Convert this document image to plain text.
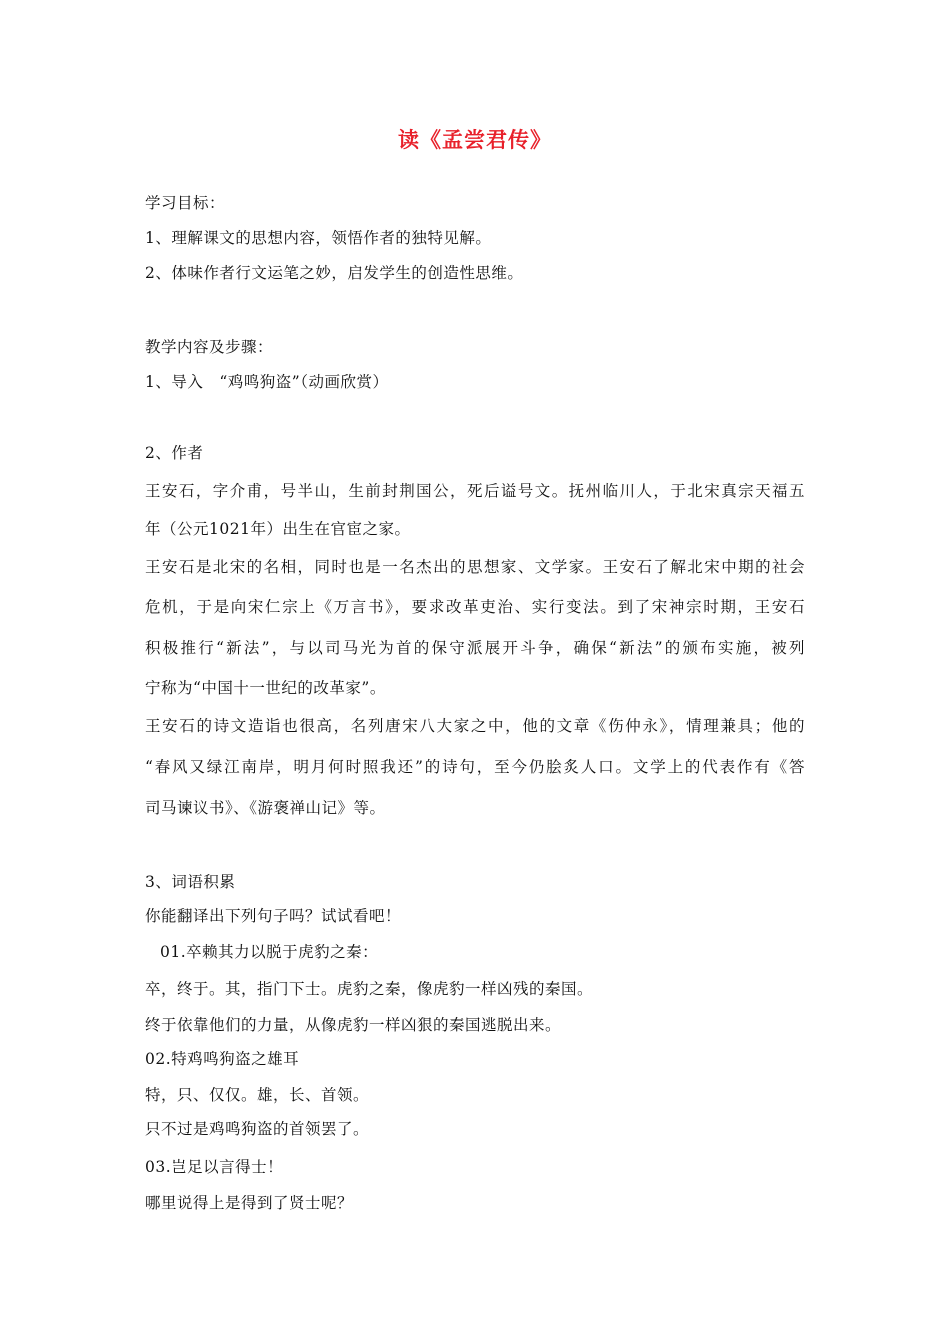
读《孟尝君传》
学习目标：
1、理解课文的思想内容，领悟作者的独特见解。
2、体味作者行文运笔之妙，启发学生的创造性思维。
教学内容及步骤：
1、导入　“鸡鸣狗盗”（动画欣赏）
2、作者
王安石，字介甫，号半山，生前封荆国公，死后谥号文。抚州临川人，于北宋真宗天福五
年（公元1021年）出生在官宦之家。
王安石是北宋的名相，同时也是一名杰出的思想家、文学家。王安石了解北宋中期的社会
危机，于是向宋仁宗上《万言书》，要求改革吏治、实行变法。到了宋神宗时期，王安石
积极推行“新法”，与以司马光为首的保守派展开斗争，确保“新法”的颁布实施，被列
宁称为“中国十一世纪的改革家”。
王安石的诗文造诣也很高，名列唐宋八大家之中，他的文章《伤仲永》，情理兼具；他的
“春风又绿江南岸，明月何时照我还”的诗句，至今仍脍炙人口。文学上的代表作有《答
司马谏议书》、《游褒禅山记》等。
3、词语积累
你能翻译出下列句子吗？试试看吧！
01.卒赖其力以脱于虎豹之秦：
卒，终于。其，指门下士。虎豹之秦，像虎豹一样凶残的秦国。
终于依靠他们的力量，从像虎豹一样凶狠的秦国逃脱出来。
02.特鸡鸣狗盗之雄耳
特，只、仅仅。雄，长、首领。
只不过是鸡鸣狗盗的首领罢了。
03.岂足以言得士！
哪里说得上是得到了贤士呢？
